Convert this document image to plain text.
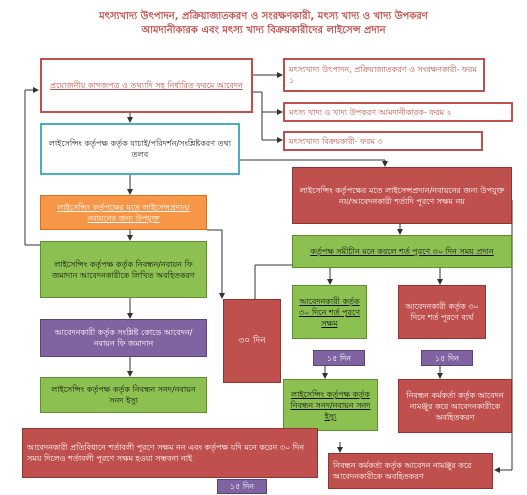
মৎস্যখাদ্য উৎপাদন, প্রক্রিয়াজাতকরণ ও সংরক্ষণকারী, মৎস্য খাদ্য ও খাদ্য উপকরণ
আমদানীকারক এবং মৎস্য খাদ্য বিক্রয়কারীদের লাইসেন্স প্রদান
প্রয়োজনীয় কাগজপত্র ও তথ্যাদি সহ নির্ধারিত ফরমে আবেদন
লাইসেন্সিং কর্তৃপক্ষ কর্তৃক যাচাই/পরিদর্শন/সংশ্লিষ্টকরণ তথ্য তলব
মৎস্যখাদ্য উৎপাদন, প্রক্রিয়াজাতকরণ ও সংরক্ষণকারী- ফরম ১
মৎস্য খাদ্য ও খাদ্য উপকরণ আমদানীকারক- ফরম ২
মৎস্যখাদ্য বিক্রয়কারী- ফরম ৩
লাইসেন্সিং কর্তৃপক্ষের মতে লাইসেন্সপ্রদান/নবায়নের জন্য উপযুক্ত
লাইসেন্সিং কর্তৃপক্ষের মতে লাইসেন্সপ্রদান/নবায়নের জন্য উপযুক্ত নয়/আবেদনকারী শর্তাদি পূরণে সক্ষম নয়
লাইসেন্সিং কর্তৃপক্ষ কর্তৃক নিবন্ধন/নবায়ন ফি জমাদান আবেদনকারীকে লিখিত অবহিতকরণ
কর্তৃপক্ষ সমীচীন মনে করলে শর্ত পূরণে ৩০ দিন সময় প্রদান
আবেদনকারী কর্তৃক সংশ্লিষ্ট কোডে আবেদন/নবায়ন ফি জমাদান	৩০ দিন
আবেদনকারী কর্তৃক ৩০ দিনে শর্ত পূরণে সক্ষম
আবেদনকারী কর্তৃক ৩০ দিনে শর্ত পূরণে ব্যর্থ
১৫ দিন	১৫ দিন
লাইসেন্সিং কর্তৃপক্ষ কর্তৃক নিবন্ধন সনদ/নবায়ন সনদ ইস্যু
লাইসেন্সিং কর্তৃপক্ষ কর্তৃক নিবন্ধন সনদ/নবায়ন সনদ ইস্যু
নিবন্ধন কর্মকর্তা কর্তৃক আবেদন নামঞ্জুর করে আবেদনকারীকে অবহিতকরণ
আবেদনকারী প্রতিবিধানে শর্তাবলী পূরণে সক্ষম নন এবং কর্তৃপক্ষ যদি মনে করেন ৩০ দিন সময় দিলেও শর্তাবলী পূরণে সক্ষম হওয়া সম্ভবনা নাই
নিবন্ধন কর্মকর্তা কর্তৃক আবেদন নামঞ্জুর করে আবেদনকারীকে অবহিতকরণ
১৫ দিন
